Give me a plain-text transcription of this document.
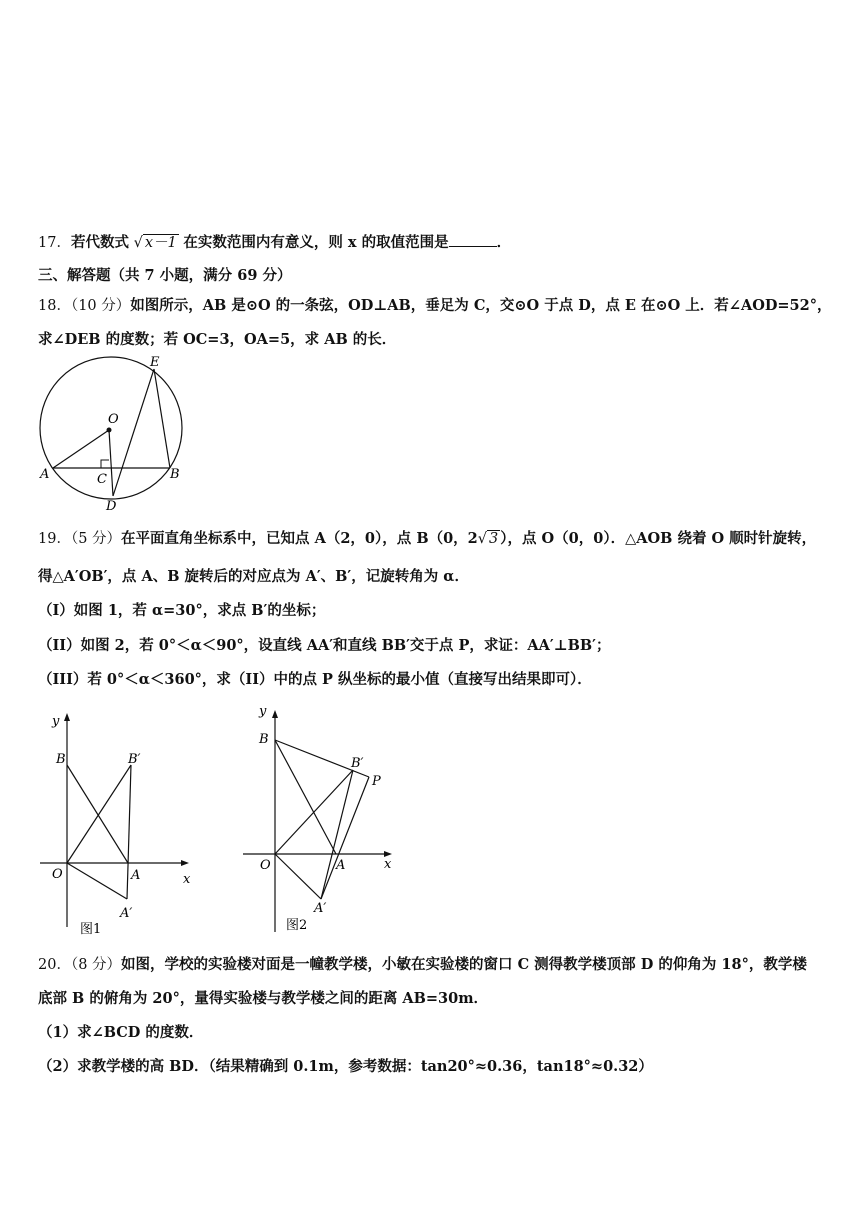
17．若代数式 √ x－1 在实数范围内有意义，则 x 的取值范围是	．
三、解答题（共 7 小题，满分 69 分）
18．（10 分）如图所示，AB 是⊙O 的一条弦，OD⊥AB，垂足为 C，交⊙O 于点 D，点 E 在⊙O 上．若∠AOD=52°，
求∠DEB 的度数；若 OC=3，OA=5，求 AB 的长．
E
O
A	B
C
D
19．（5 分）在平面直角坐标系中，已知点 A（2，0），点 B（0，2√ 3 ），点 O（0，0）．△AOB 绕着 O 顺时针旋转，
得△A′OB′，点 A、B 旋转后的对应点为 A′、B′，记旋转角为 α．
（I）如图 1，若 α=30°，求点 B′的坐标；
（II）如图 2，若 0°＜α＜90°，设直线 AA′和直线 BB′交于点 P，求证：AA′⊥BB′；
（III）若 0°＜α＜360°，求（II）中的点 P 纵坐标的最小值（直接写出结果即可）．
y
B	B′
O	A	x
A′
图1
y
B
B′
P
O	A	x
A′
图2
20．（8 分）如图，学校的实验楼对面是一幢教学楼，小敏在实验楼的窗口 C 测得教学楼顶部 D 的仰角为 18°，教学楼
底部 B 的俯角为 20°，量得实验楼与教学楼之间的距离 AB=30m．
（1）求∠BCD 的度数．
（2）求教学楼的高 BD．（结果精确到 0.1m，参考数据：tan20°≈0.36，tan18°≈0.32）
